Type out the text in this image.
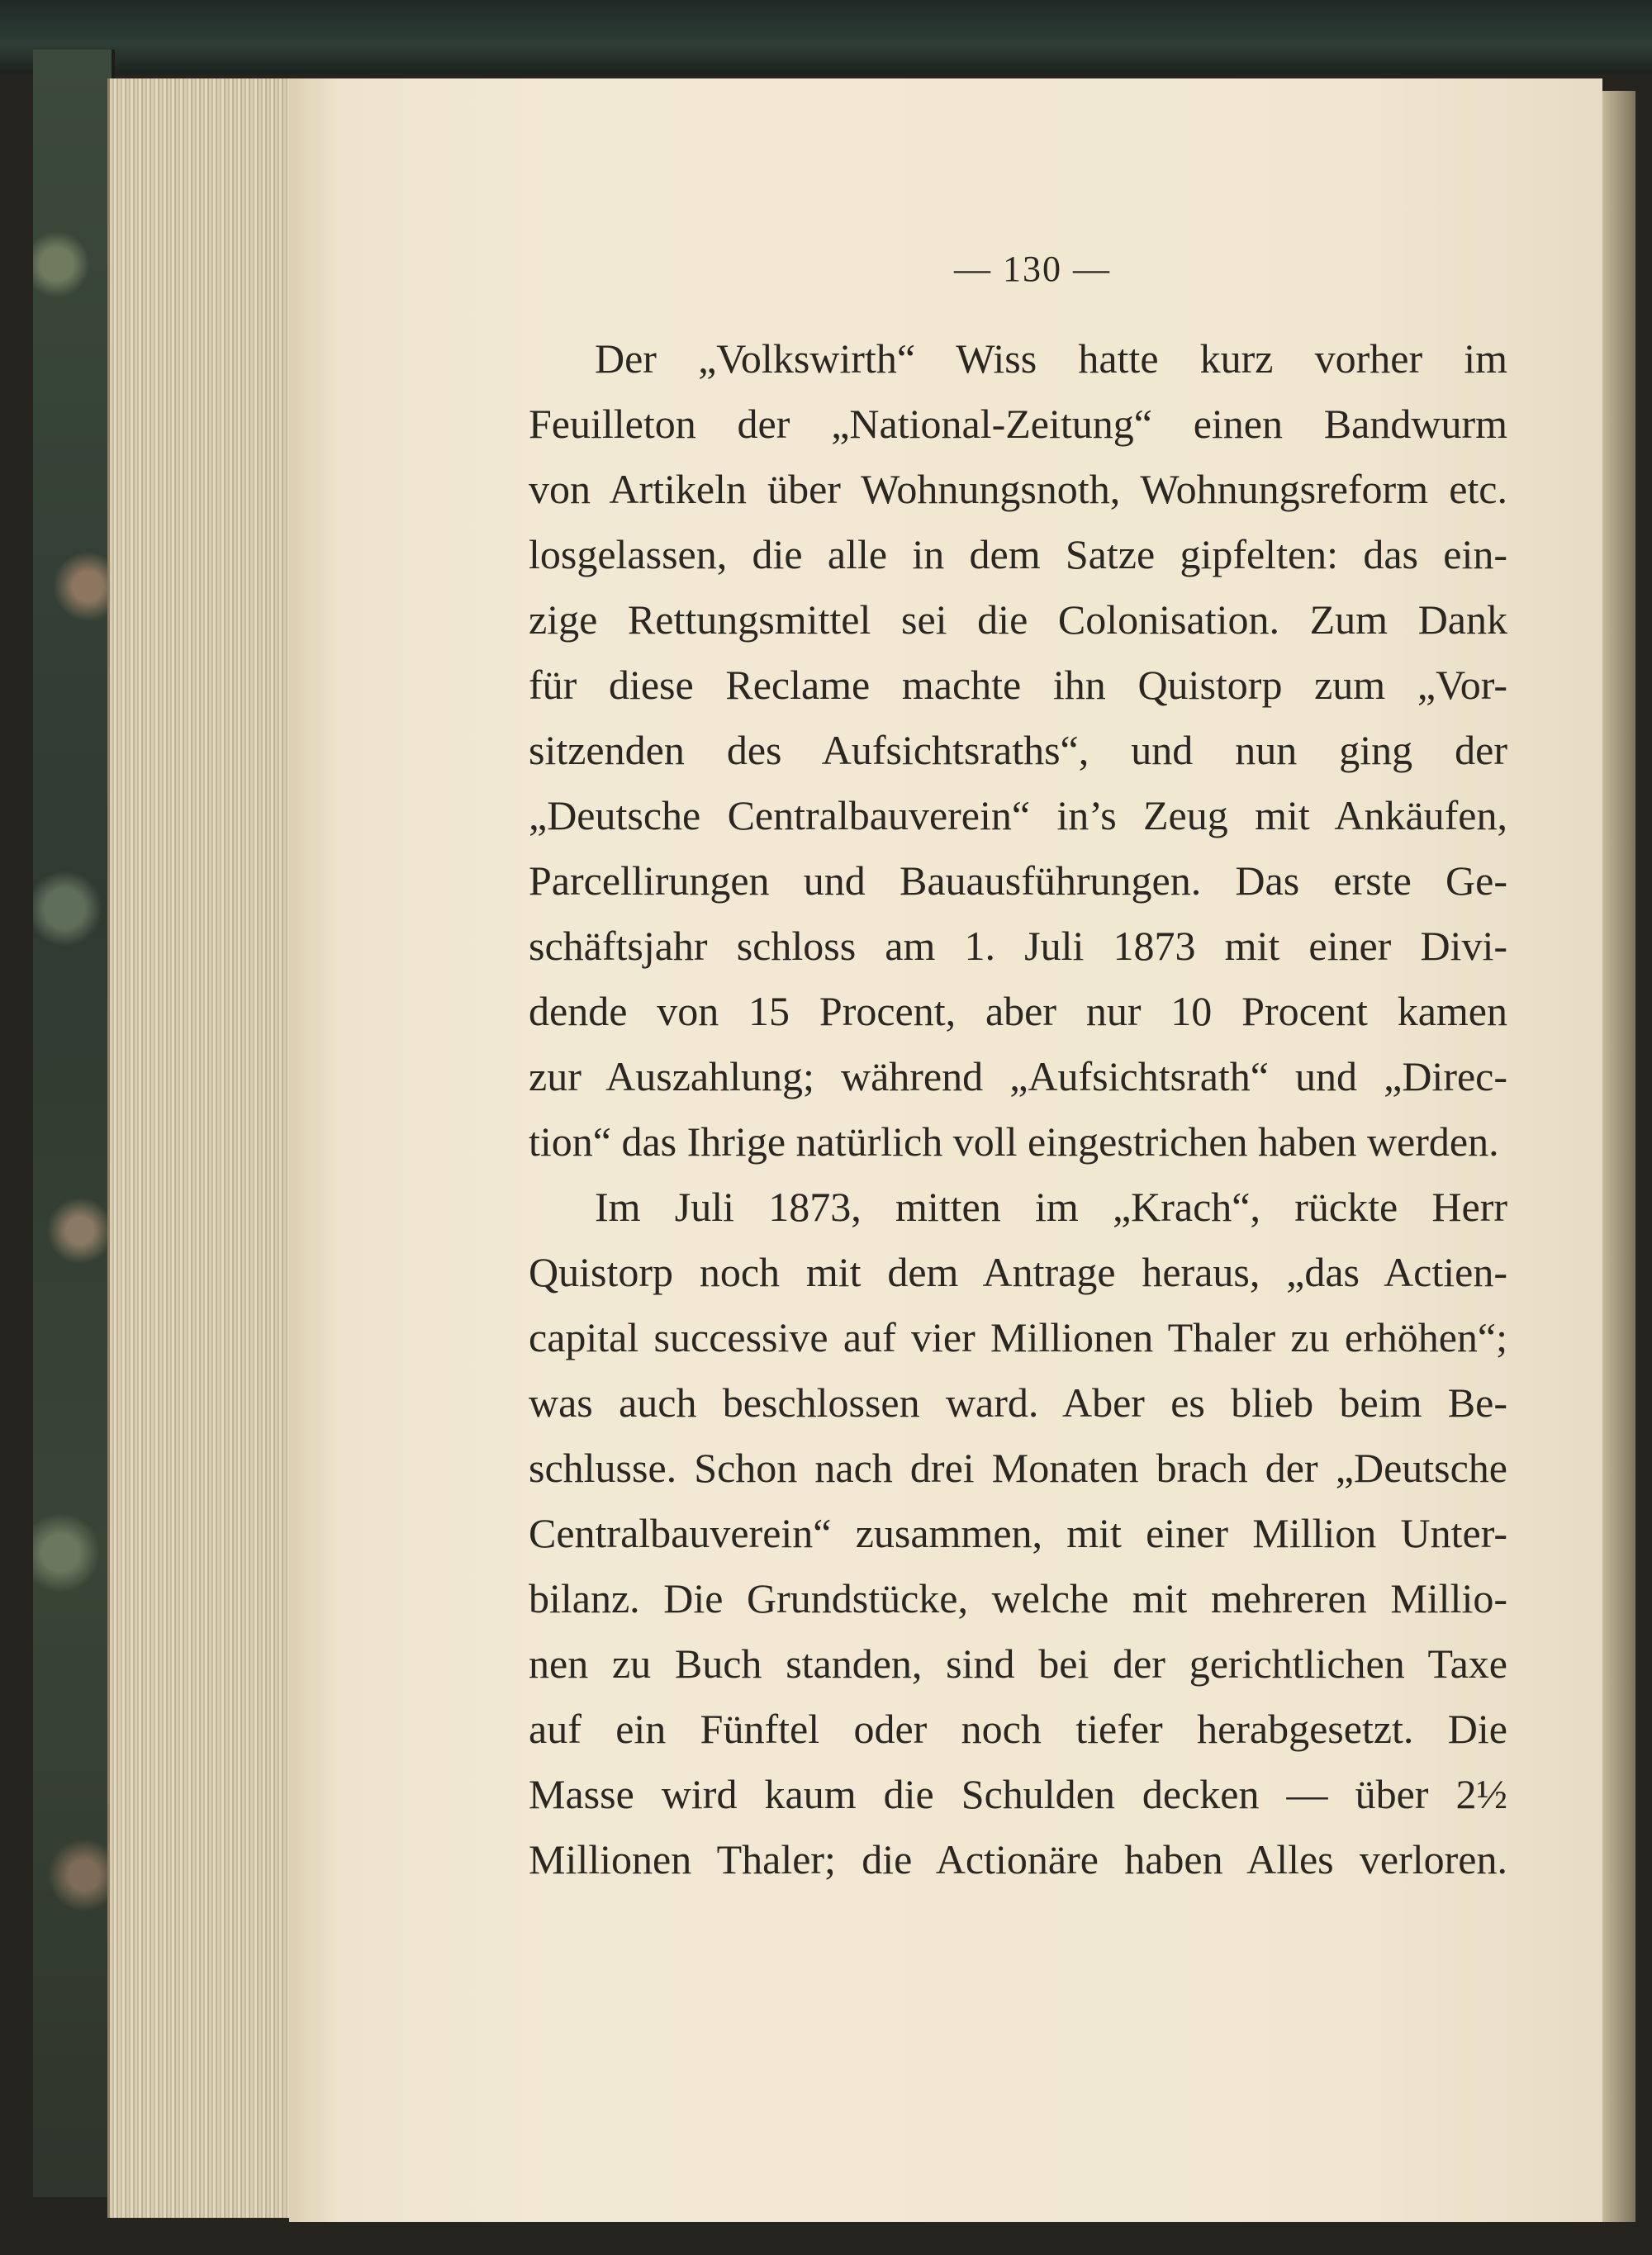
— 130 —
Der „Volkswirth“ Wiss hatte kurz vorher im
Feuilleton der „National-Zeitung“ einen Bandwurm
von Artikeln über Wohnungsnoth, Wohnungsreform etc.
losgelassen, die alle in dem Satze gipfelten: das ein-
zige Rettungsmittel sei die Colonisation. Zum Dank
für diese Reclame machte ihn Quistorp zum „Vor-
sitzenden des Aufsichtsraths“, und nun ging der
„Deutsche Centralbauverein“ in’s Zeug mit Ankäufen,
Parcellirungen und Bauausführungen. Das erste Ge-
schäftsjahr schloss am 1. Juli 1873 mit einer Divi-
dende von 15 Procent, aber nur 10 Procent kamen
zur Auszahlung; während „Aufsichtsrath“ und „Direc-
tion“ das Ihrige natürlich voll eingestrichen haben werden.
Im Juli 1873, mitten im „Krach“, rückte Herr
Quistorp noch mit dem Antrage heraus, „das Actien-
capital successive auf vier Millionen Thaler zu erhöhen“;
was auch beschlossen ward. Aber es blieb beim Be-
schlusse. Schon nach drei Monaten brach der „Deutsche
Centralbauverein“ zusammen, mit einer Million Unter-
bilanz. Die Grundstücke, welche mit mehreren Millio-
nen zu Buch standen, sind bei der gerichtlichen Taxe
auf ein Fünftel oder noch tiefer herabgesetzt. Die
Masse wird kaum die Schulden decken — über 2½
Millionen Thaler; die Actionäre haben Alles verloren.
